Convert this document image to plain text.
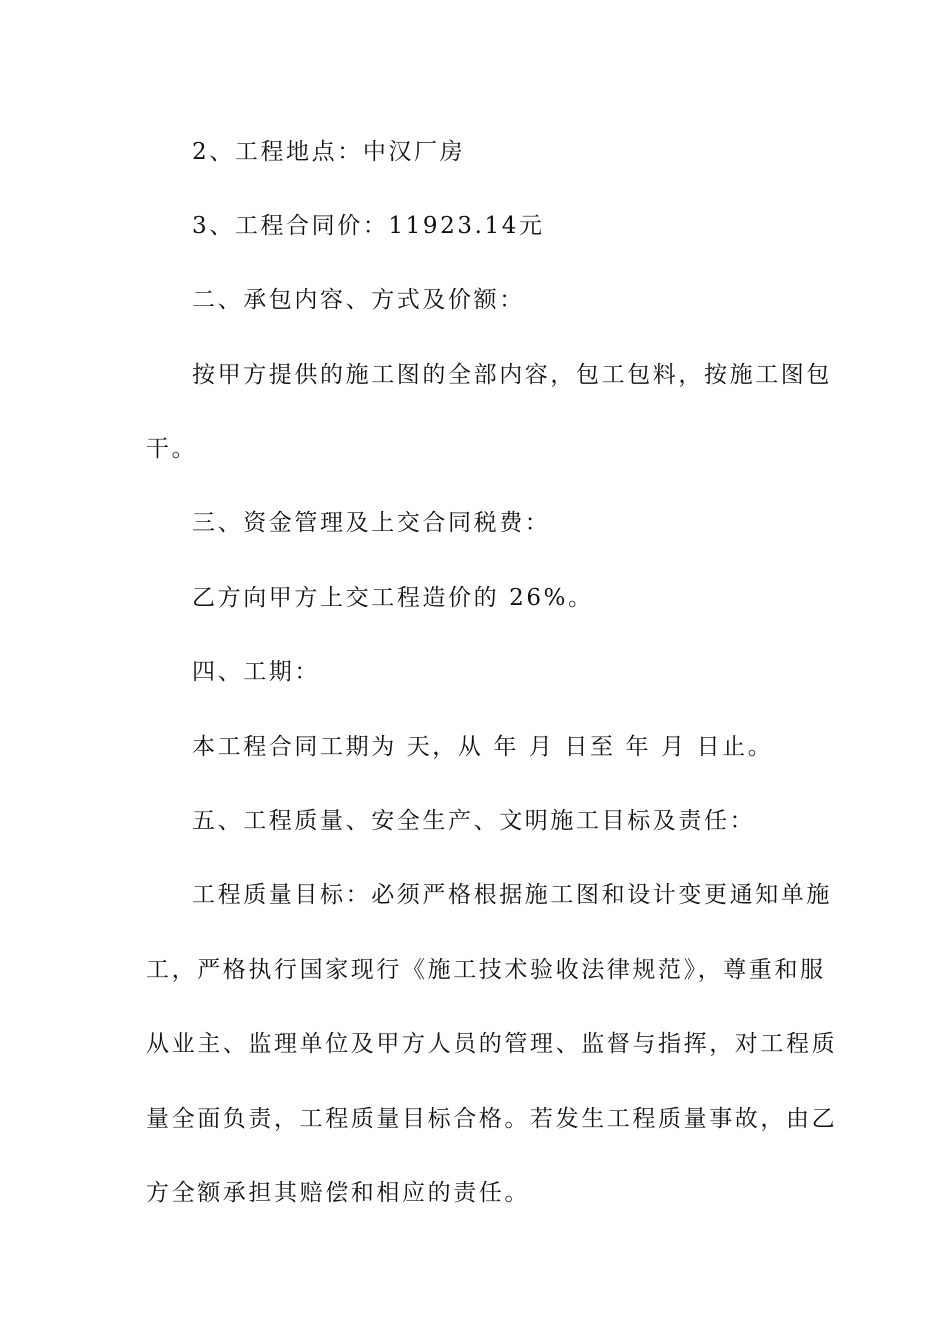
2、工程地点：中汉厂房
3、工程合同价：11923.14元
二、承包内容、方式及价额：
按甲方提供的施工图的全部内容，包工包料，按施工图包
干。
三、资金管理及上交合同税费：
乙方向甲方上交工程造价的 26%。
四、工期：
本工程合同工期为 天，从 年 月 日至 年 月 日止。
五、工程质量、安全生产、文明施工目标及责任：
工程质量目标：必须严格根据施工图和设计变更通知单施
工，严格执行国家现行《施工技术验收法律规范》，尊重和服
从业主、监理单位及甲方人员的管理、监督与指挥，对工程质
量全面负责，工程质量目标合格。若发生工程质量事故，由乙
方全额承担其赔偿和相应的责任。
